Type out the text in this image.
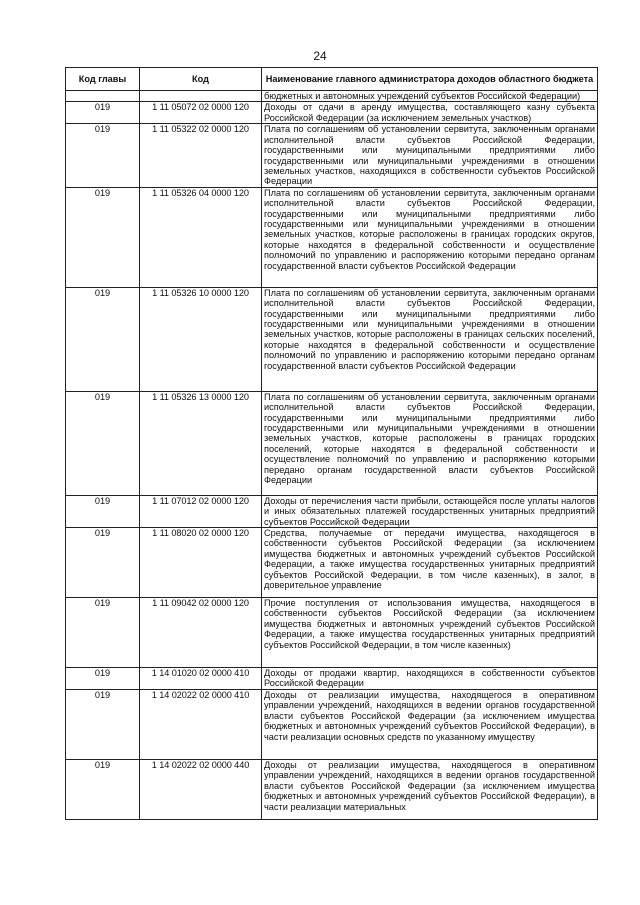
24
Код главы	Код	Наименование главного администратора доходов областного бюджета
		бюджетных и автономных учреждений субъектов Российской Федерации)
019	1 11 05072 02 0000 120	Доходы от сдачи в аренду имущества, составляющего казну субъекта Российской Федерации (за исключением земельных участков)
019	1 11 05322 02 0000 120	Плата по соглашениям об установлении сервитута, заключенным органами исполнительной власти субъектов Российской Федерации, государственными или муниципальными предприятиями либо государственными или муниципальными учреждениями в отношении земельных участков, находящихся в собственности субъектов Российской Федерации
019	1 11 05326 04 0000 120	Плата по соглашениям об установлении сервитута, заключенным органами исполнительной власти субъектов Российской Федерации, государственными или муниципальными предприятиями либо государственными или муниципальными учреждениями в отношении земельных участков, которые расположены в границах городских округов, которые находятся в федеральной собственности и осуществление полномочий по управлению и распоряжению которыми передано органам государственной власти субъектов Российской Федерации
019	1 11 05326 10 0000 120	Плата по соглашениям об установлении сервитута, заключенным органами исполнительной власти субъектов Российской Федерации, государственными или муниципальными предприятиями либо государственными или муниципальными учреждениями в отношении земельных участков, которые расположены в границах сельских поселений, которые находятся в федеральной собственности и осуществление полномочий по управлению и распоряжению которыми передано органам государственной власти субъектов Российской Федерации
019	1 11 05326 13 0000 120	Плата по соглашениям об установлении сервитута, заключенным органами исполнительной власти субъектов Российской Федерации, государственными или муниципальными предприятиями либо государственными или муниципальными учреждениями в отношении земельных участков, которые расположены в границах городских поселений, которые находятся в федеральной собственности и осуществление полномочий по управлению и распоряжению которыми передано органам государственной власти субъектов Российской Федерации
019	1 11 07012 02 0000 120	Доходы от перечисления части прибыли, остающейся после уплаты налогов и иных обязательных платежей государственных унитарных предприятий субъектов Российской Федерации
019	1 11 08020 02 0000 120	Средства, получаемые от передачи имущества, находящегося в собственности субъектов Российской Федерации (за исключением имущества бюджетных и автономных учреждений субъектов Российской Федерации, а также имущества государственных унитарных предприятий субъектов Российской Федерации, в том числе казенных), в залог, в доверительное управление
019	1 11 09042 02 0000 120	Прочие поступления от использования имущества, находящегося в собственности субъектов Российской Федерации (за исключением имущества бюджетных и автономных учреждений субъектов Российской Федерации, а также имущества государственных унитарных предприятий субъектов Российской Федерации, в том числе казенных)
019	1 14 01020 02 0000 410	Доходы от продажи квартир, находящихся в собственности субъектов Российской Федерации
019	1 14 02022 02 0000 410	Доходы от реализации имущества, находящегося в оперативном управлении учреждений, находящихся в ведении органов государственной власти субъектов Российской Федерации (за исключением имущества бюджетных и автономных учреждений субъектов Российской Федерации), в части реализации основных средств по указанному имуществу
019	1 14 02022 02 0000 440	Доходы от реализации имущества, находящегося в оперативном управлении учреждений, находящихся в ведении органов государственной власти субъектов Российской Федерации (за исключением имущества бюджетных и автономных учреждений субъектов Российской Федерации), в части реализации материальных
